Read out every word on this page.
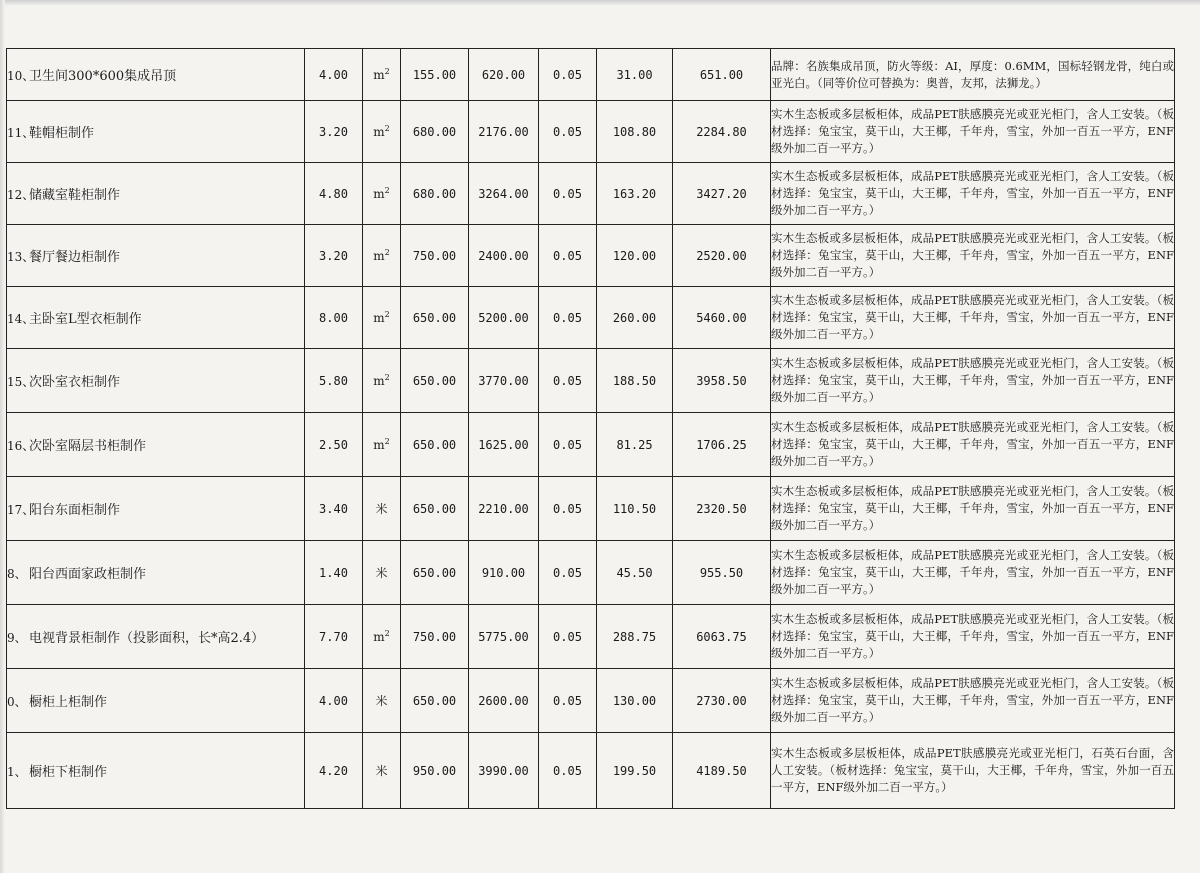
10、卫生间300*600集成吊顶	4.00	$m^2$	155.00	620.00	0.05	31.00	651.00	品牌：名族集成吊顶，防火等级：AI，厚度：0.6MM，国标轻钢龙骨，纯白或亚光白。（同等价位可替换为：奥普，友邦，法狮龙。）
11、鞋帽柜制作	3.20	$m^2$	680.00	2176.00	0.05	108.80	2284.80	实木生态板或多层板柜体，成品PET肤感膜亮光或亚光柜门，含人工安装。（板材选择：兔宝宝，莫干山，大王椰，千年舟，雪宝，外加一百五一平方，ENF级外加二百一平方。）
12、储藏室鞋柜制作	4.80	$m^2$	680.00	3264.00	0.05	163.20	3427.20	实木生态板或多层板柜体，成品PET肤感膜亮光或亚光柜门，含人工安装。（板材选择：兔宝宝，莫干山，大王椰，千年舟，雪宝，外加一百五一平方，ENF级外加二百一平方。）
13、餐厅餐边柜制作	3.20	$m^2$	750.00	2400.00	0.05	120.00	2520.00	实木生态板或多层板柜体，成品PET肤感膜亮光或亚光柜门，含人工安装。（板材选择：兔宝宝，莫干山，大王椰，千年舟，雪宝，外加一百五一平方，ENF级外加二百一平方。）
14、主卧室L型衣柜制作	8.00	$m^2$	650.00	5200.00	0.05	260.00	5460.00	实木生态板或多层板柜体，成品PET肤感膜亮光或亚光柜门，含人工安装。（板材选择：兔宝宝，莫干山，大王椰，千年舟，雪宝，外加一百五一平方，ENF级外加二百一平方。）
15、次卧室衣柜制作	5.80	$m^2$	650.00	3770.00	0.05	188.50	3958.50	实木生态板或多层板柜体，成品PET肤感膜亮光或亚光柜门，含人工安装。（板材选择：兔宝宝，莫干山，大王椰，千年舟，雪宝，外加一百五一平方，ENF级外加二百一平方。）
16、次卧室隔层书柜制作	2.50	$m^2$	650.00	1625.00	0.05	81.25	1706.25	实木生态板或多层板柜体，成品PET肤感膜亮光或亚光柜门，含人工安装。（板材选择：兔宝宝，莫干山，大王椰，千年舟，雪宝，外加一百五一平方，ENF级外加二百一平方。）
17、阳台东面柜制作	3.40	米	650.00	2210.00	0.05	110.50	2320.50	实木生态板或多层板柜体，成品PET肤感膜亮光或亚光柜门，含人工安装。（板材选择：兔宝宝，莫干山，大王椰，千年舟，雪宝，外加一百五一平方，ENF级外加二百一平方。）
8、 阳台西面家政柜制作	1.40	米	650.00	910.00	0.05	45.50	955.50	实木生态板或多层板柜体，成品PET肤感膜亮光或亚光柜门，含人工安装。（板材选择：兔宝宝，莫干山，大王椰，千年舟，雪宝，外加一百五一平方，ENF级外加二百一平方。）
9、 电视背景柜制作（投影面积，长*高2.4）	7.70	$m^2$	750.00	5775.00	0.05	288.75	6063.75	实木生态板或多层板柜体，成品PET肤感膜亮光或亚光柜门，含人工安装。（板材选择：兔宝宝，莫干山，大王椰，千年舟，雪宝，外加一百五一平方，ENF级外加二百一平方。）
0、 橱柜上柜制作	4.00	米	650.00	2600.00	0.05	130.00	2730.00	实木生态板或多层板柜体，成品PET肤感膜亮光或亚光柜门，含人工安装。（板材选择：兔宝宝，莫干山，大王椰，千年舟，雪宝，外加一百五一平方，ENF级外加二百一平方。）
1、 橱柜下柜制作	4.20	米	950.00	3990.00	0.05	199.50	4189.50	实木生态板或多层板柜体，成品PET肤感膜亮光或亚光柜门，石英石台面，含人工安装。（板材选择：兔宝宝，莫干山，大王椰，千年舟，雪宝，外加一百五一平方，ENF级外加二百一平方。）
